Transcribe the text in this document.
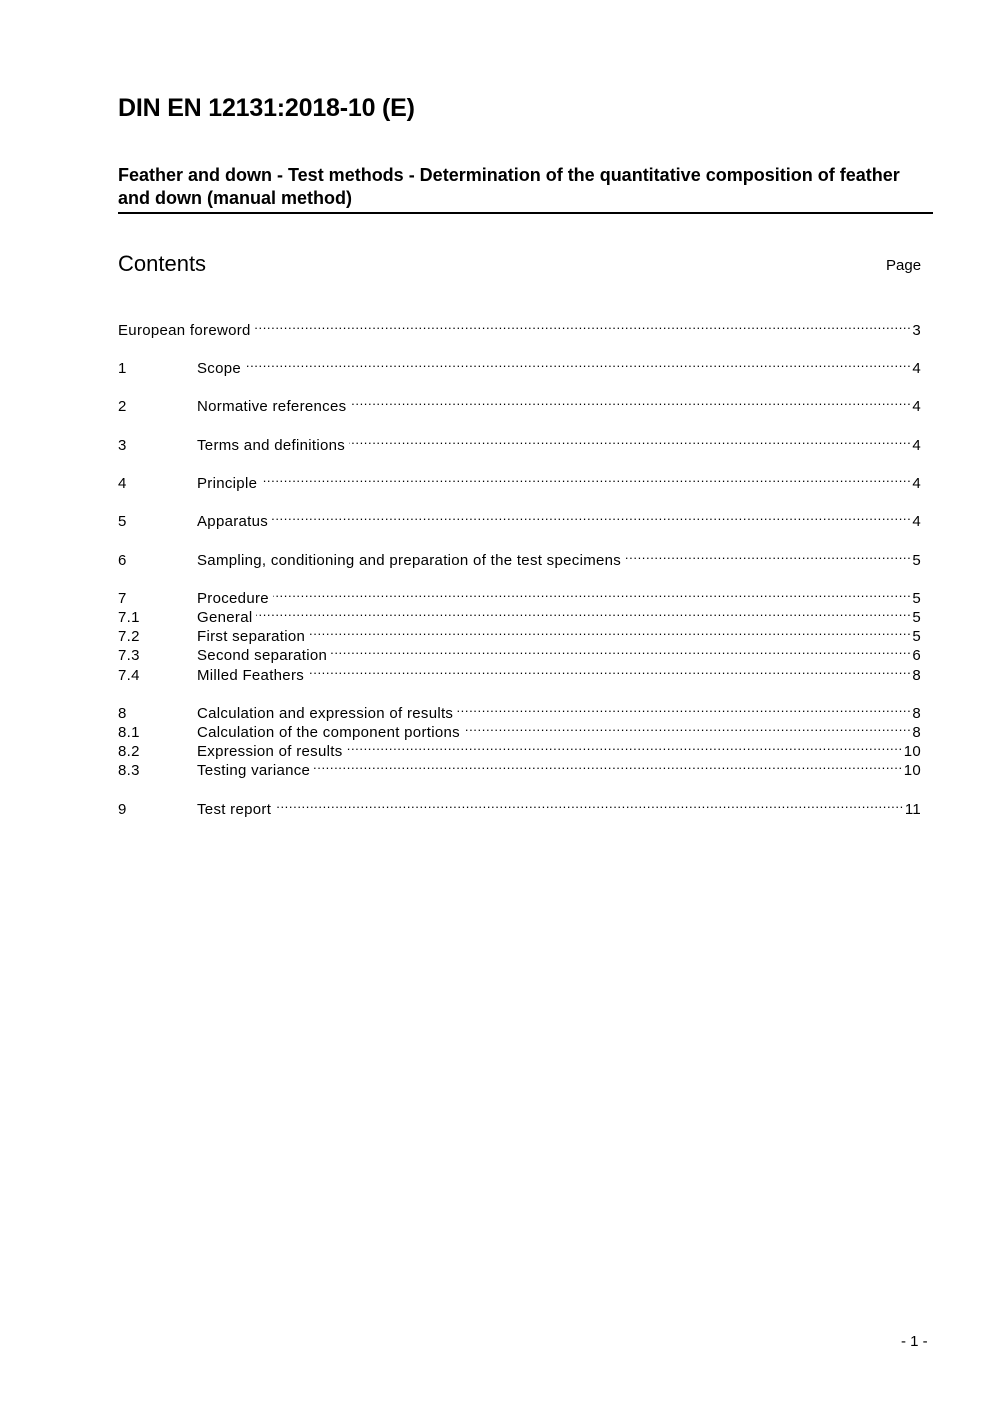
DIN EN 12131:2018-10 (E)
Feather and down - Test methods - Determination of the quantitative composition of feather and down (manual method)
Contents	Page
European foreword .....	3
1	Scope .....	4
2	Normative references .....	4
3	Terms and definitions .....	4
4	Principle .....	4
5	Apparatus .....	4
6	Sampling, conditioning and preparation of the test specimens .....	5
7	Procedure .....	5
7.1	General .....	5
7.2	First separation .....	5
7.3	Second separation .....	6
7.4	Milled Feathers .....	8
8	Calculation and expression of results .....	8
8.1	Calculation of the component portions .....	8
8.2	Expression of results .....	10
8.3	Testing variance .....	10
9	Test report .....	11
- 1 -
